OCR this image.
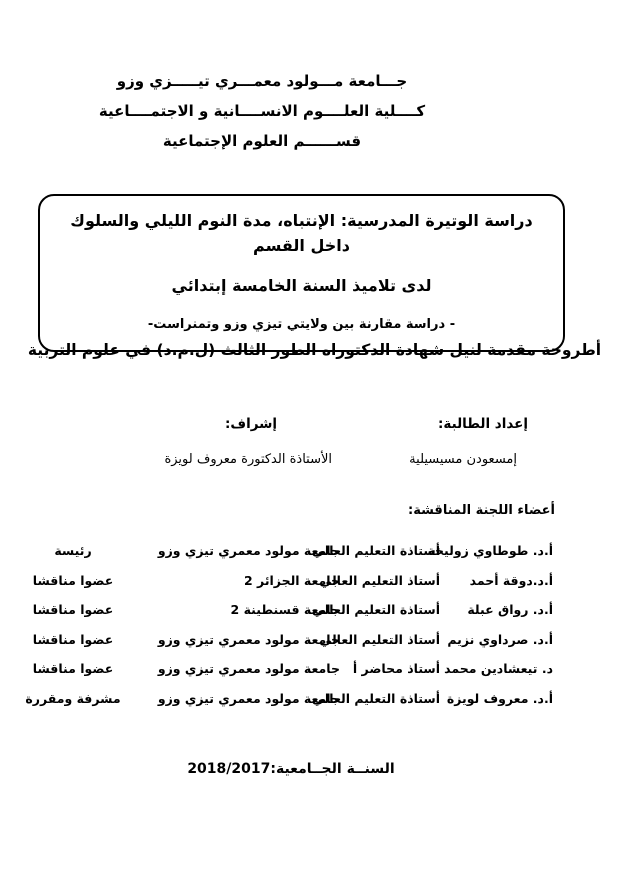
جـــامعة مـــولود معمـــري تيـــــزي وزو
كــــلية العلــــوم الانســــانية و الاجتمــــاعية
قســــــم العلوم الإجتماعية
دراسة الوتيرة المدرسية: الإنتباه، مدة النوم الليلي والسلوك داخل القسم
لدى تلاميذ السنة الخامسة إبتدائي
- دراسة مقارنة بين ولايتي تيزي وزو وتمنراست-
أطروحة مقدمة لنيل شهادة الدكتوراه الطور الثالث (ل.م.د) في علوم التربية
إعداد الطالبة:
إشراف:
إمسعودن مسيسيلية
الأستاذة الدكتورة معروف لويزة
أعضاء اللجنة المناقشة:
أ.د. طوطاوي زوليخة
أستاذة التعليم العالي
جامعة مولود معمري تيزي وزو
رئيسة
أ.د.دوقة أحمد
أستاذ التعليم العالي
جامعة الجزائر 2
عضوا مناقشا
أ.د. رواق عبلة
أستاذة التعليم العالي
جامعة قسنطينة 2
عضوا مناقشا
أ.د. صرداوي نزيم
أستاذ التعليم العالي
جامعة مولود معمري تيزي وزو
عضوا مناقشا
د. تيعشادين محمد
أستاذ محاضر أ
جامعة مولود معمري تيزي وزو
عضوا مناقشا
أ.د. معروف لويزة
أستاذة التعليم العالي
جامعة مولود معمري تيزي وزو
مشرفة ومقررة
السنــة الجــامعية:2018/2017
